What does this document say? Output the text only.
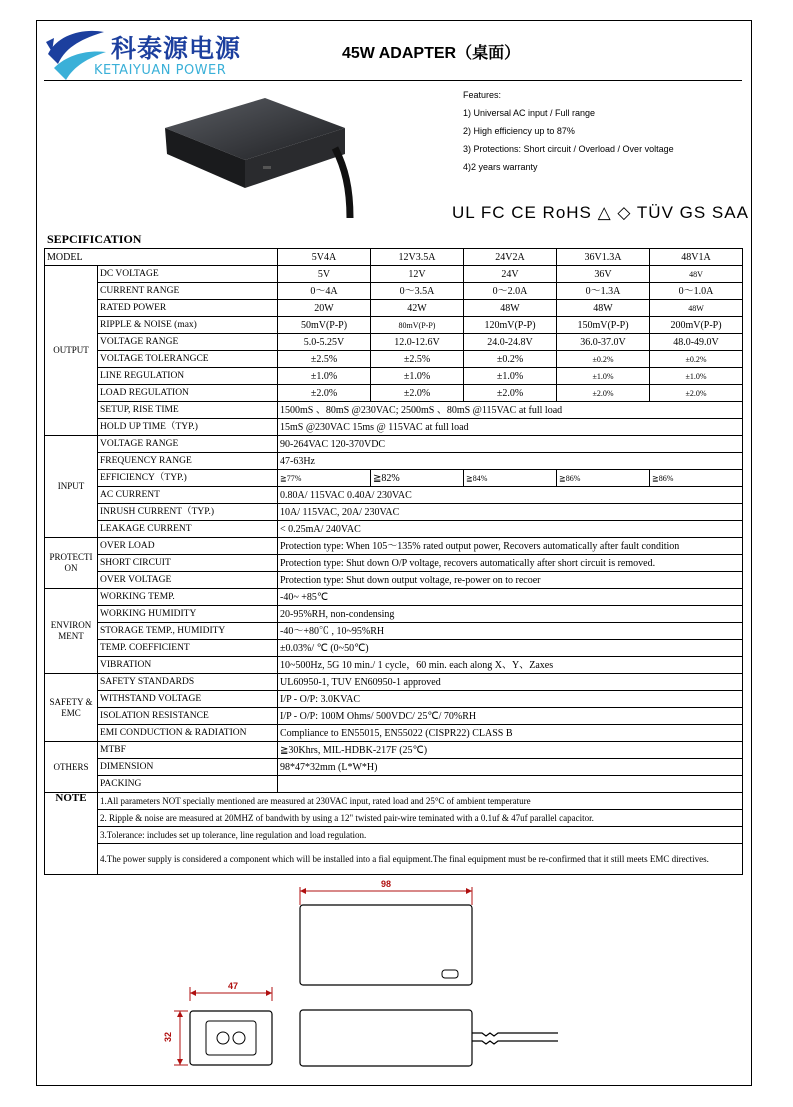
科泰源电源
KETAIYUAN POWER
45W ADAPTER（桌面）
Features:
1) Universal AC input / Full range
2) High efficiency up to 87%
3) Protections: Short circuit / Overload / Over voltage
4)2 years warranty
UL FC CE RoHS △ ◇ TÜV GS SAA
SEPCIFICATION
MODEL		5V4A	12V3.5A	24V2A	36V1.3A	48V1A
OUTPUT	DC VOLTAGE	5V	12V	24V	36V	48V
	CURRENT RANGE	0～4A	0～3.5A	0～2.0A	0～1.3A	0～1.0A
	RATED POWER	20W	42W	48W	48W	48W
	RIPPLE & NOISE (max)	50mV(P-P)	80mV(P-P)	120mV(P-P)	150mV(P-P)	200mV(P-P)
	VOLTAGE RANGE	5.0-5.25V	12.0-12.6V	24.0-24.8V	36.0-37.0V	48.0-49.0V
	VOLTAGE TOLERANGCE	±2.5%	±2.5%	±0.2%	±0.2%	±0.2%
	LINE REGULATION	±1.0%	±1.0%	±1.0%	±1.0%	±1.0%
	LOAD REGULATION	±2.0%	±2.0%	±2.0%	±2.0%	±2.0%
	SETUP, RISE TIME	1500mS 、80mS @230VAC; 2500mS 、80mS @115VAC at full load				
	HOLD UP TIME（TYP.)	15mS @230VAC 15ms @ 115VAC at full load				
INPUT	VOLTAGE RANGE	90-264VAC 120-370VDC				
	FREQUENCY RANGE	47-63Hz				
	EFFICIENCY（TYP.)	≧77%	≧82%	≧84%	≧86%	≧86%
	AC CURRENT	0.80A/ 115VAC 0.40A/ 230VAC				
	INRUSH CURRENT（TYP.)	10A/ 115VAC, 20A/ 230VAC				
	LEAKAGE CURRENT	< 0.25mA/ 240VAC				
PROTECTION	OVER LOAD	Protection type: When 105～135% rated output power, Recovers automatically after fault condition				
	SHORT CIRCUIT	Protection type: Shut down O/P voltage, recovers automatically after short circuit is removed.				
	OVER VOLTAGE	Protection type: Shut down output voltage, re-power on to recoer				
ENVIRONMENT	WORKING TEMP.	-40~ +85℃				
	WORKING HUMIDITY	20-95%RH, non-condensing				
	STORAGE TEMP., HUMIDITY	-40～+80℃ , 10~95%RH				
	TEMP. COEFFICIENT	±0.03%/ ℃ (0~50℃)				
	VIBRATION	10~500Hz, 5G 10 min./ 1 cycle，60 min. each along X、Y、Zaxes				
SAFETY & EMC	SAFETY STANDARDS	UL60950-1, TUV EN60950-1 approved				
	WITHSTAND VOLTAGE	I/P - O/P: 3.0KVAC				
	ISOLATION RESISTANCE	I/P - O/P: 100M Ohms/ 500VDC/ 25℃/ 70%RH				
	EMI CONDUCTION & RADIATION	Compliance to EN55015, EN55022 (CISPR22) CLASS B				
OTHERS	MTBF	≧30Khrs, MIL-HDBK-217F (25℃)				
	DIMENSION	98*47*32mm (L*W*H)				
	PACKING					
NOTE	1.All parameters NOT specially mentioned are measured at 230VAC input, rated load and 25°C of ambient temperature					
	2. Ripple & noise are measured at 20MHZ of bandwith by using a 12" twisted pair-wire teminated with a 0.1uf & 47uf parallel capacitor.					
	3.Tolerance: includes set up tolerance, line regulation and load regulation.					
	4.The power supply is considered a component which will be installed into a fial equipment.The final equipment must be re-confirmed that it still meets EMC directives.					
98
47
32
